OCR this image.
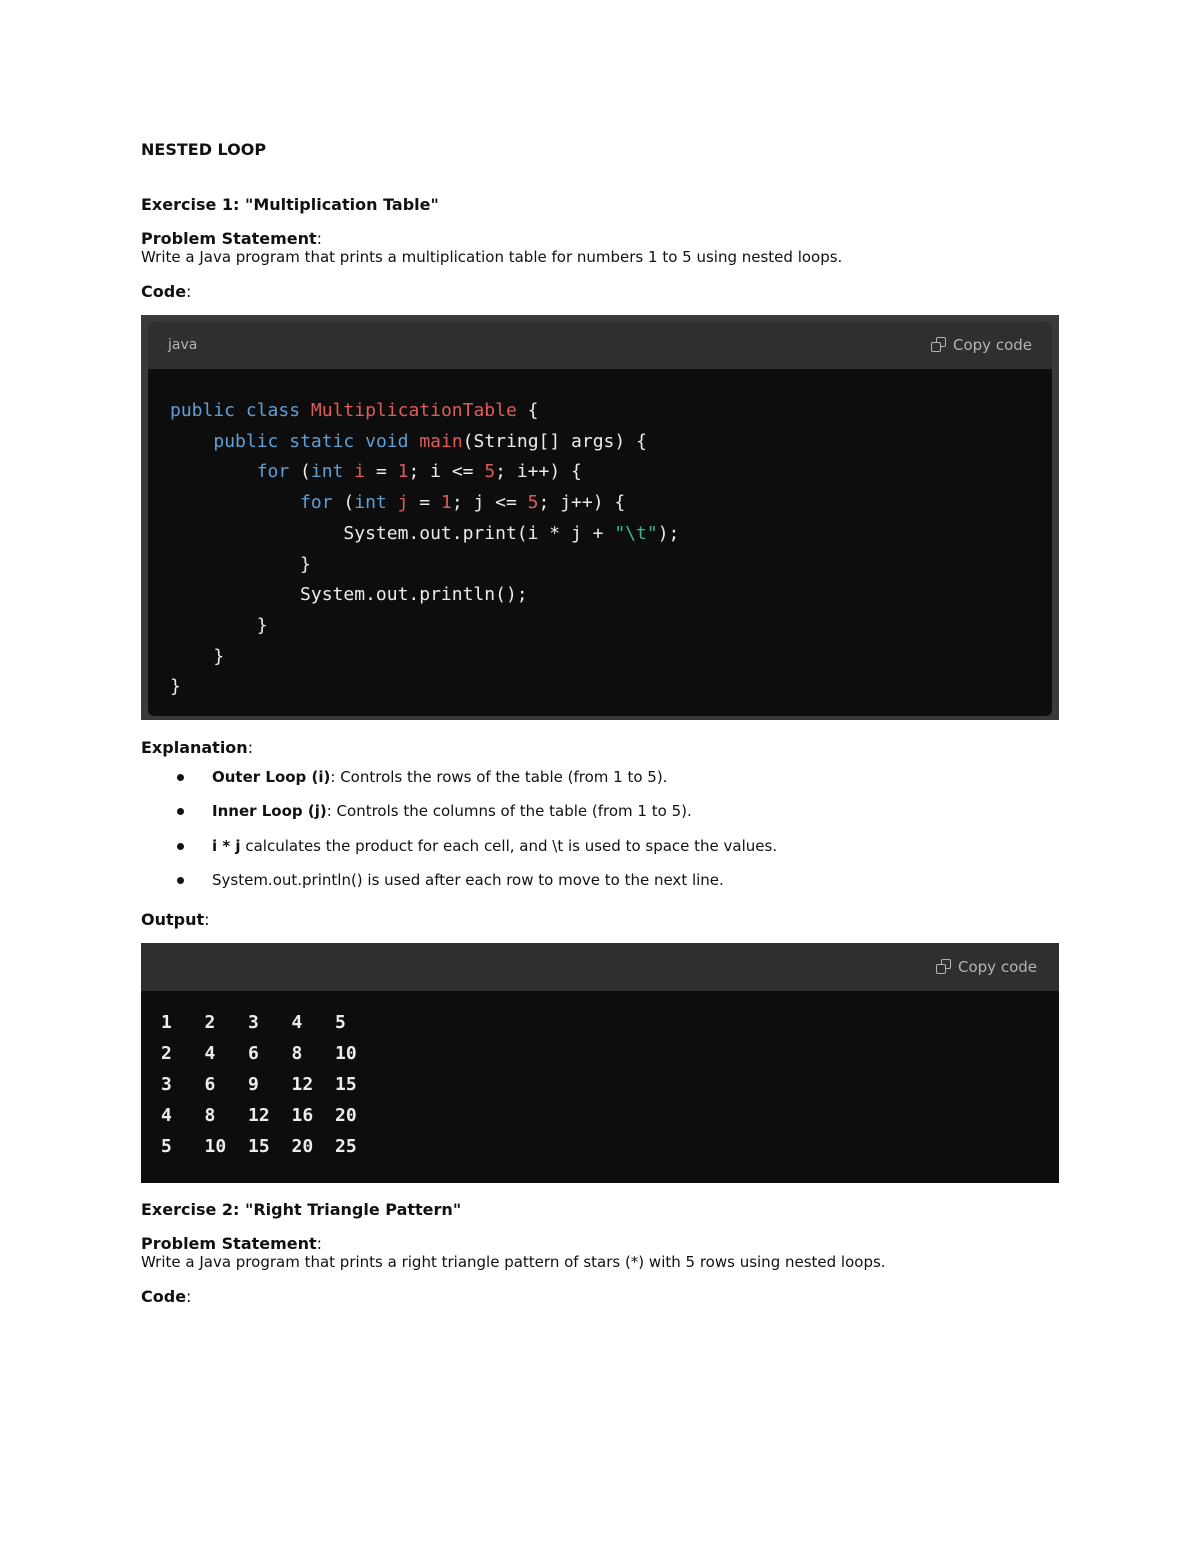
NESTED LOOP
Exercise 1: "Multiplication Table"
Problem Statement:
Write a Java program that prints a multiplication table for numbers 1 to 5 using nested loops.
Code:
java	Copy code
public class MultiplicationTable {
public static void main(String[] args) {
for (int i = 1; i <= 5; i++) {
for (int j = 1; j <= 5; j++) {
System.out.print(i * j + "\t");
}
System.out.println();
}
}
}
Explanation:
Outer Loop (i): Controls the rows of the table (from 1 to 5).
Inner Loop (j): Controls the columns of the table (from 1 to 5).
i * j calculates the product for each cell, and \t is used to space the values.
System.out.println() is used after each row to move to the next line.
Output:
Copy code
1	2	3	4	5
2	4	6	8	10
3	6	9	12	15
4	8	12	16	20
5	10	15	20	25
Exercise 2: "Right Triangle Pattern"
Problem Statement:
Write a Java program that prints a right triangle pattern of stars (*) with 5 rows using nested loops.
Code:
